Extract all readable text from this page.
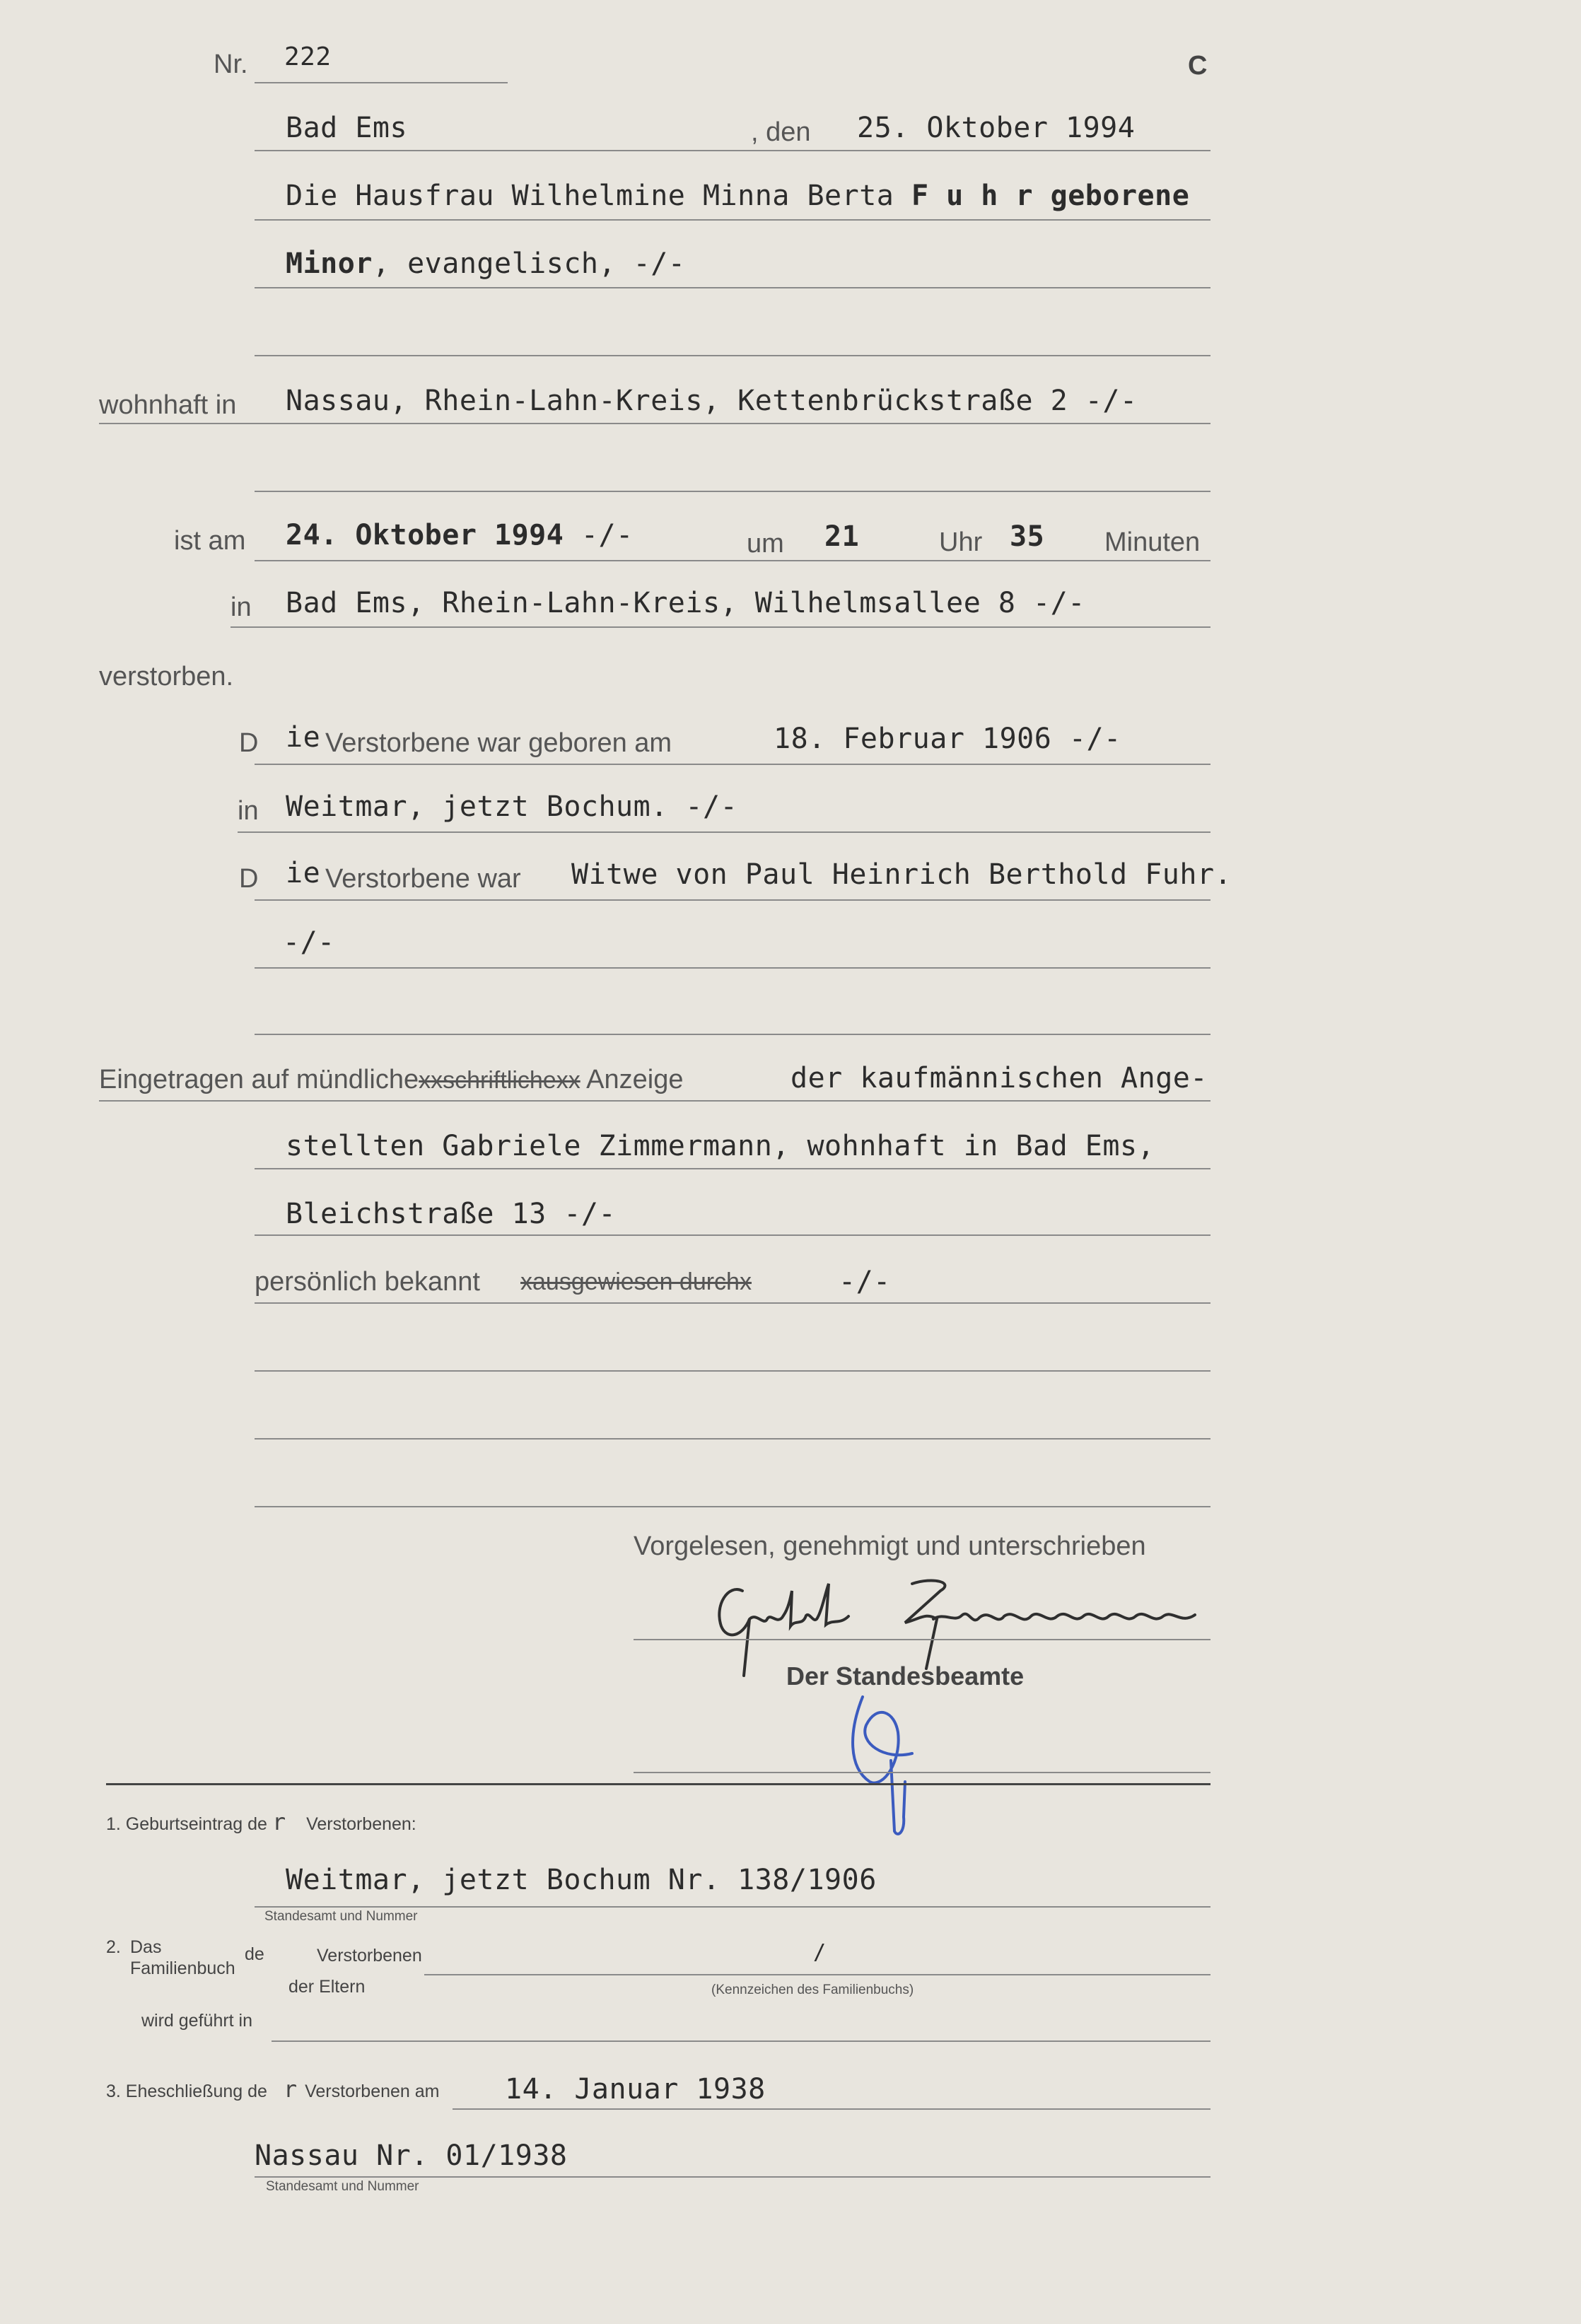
Nr. 222	C
Bad Ems	, den 25. Oktober 1994
Die Hausfrau Wilhelmine Minna Berta F u h r geborene
Minor, evangelisch, -/-
wohnhaft in Nassau, Rhein-Lahn-Kreis, Kettenbrückstraße 2 -/-
ist am 24. Oktober 1994 -/-	um 21	Uhr 35 Minuten
in Bad Ems, Rhein-Lahn-Kreis, Wilhelmsallee 8 -/-
verstorben.
D ie Verstorbene war geboren am	18. Februar 1906 -/-
in Weitmar, jetzt Bochum. -/-
D ie Verstorbene war Witwe von Paul Heinrich Berthold Fuhr.
-/-
Eingetragen auf mündlichexxschriftlichexx Anzeige	der kaufmännischen Ange-
stellten Gabriele Zimmermann, wohnhaft in Bad Ems,
Bleichstraße 13 -/-
persönlich bekannt xausgewiesen durchx	-/-
Vorgelesen, genehmigt und unterschrieben
Der Standesbeamte
1. Geburtseintrag de r Verstorbenen:
Weitmar, jetzt Bochum Nr. 138/1906
Standesamt und Nummer
2. Das
Familienbuch
de	Verstorbenen	/
der Eltern	(Kennzeichen des Familienbuchs)
wird geführt in
3. Eheschließung de r Verstorbenen am 14. Januar 1938
Nassau Nr. 01/1938
Standesamt und Nummer
